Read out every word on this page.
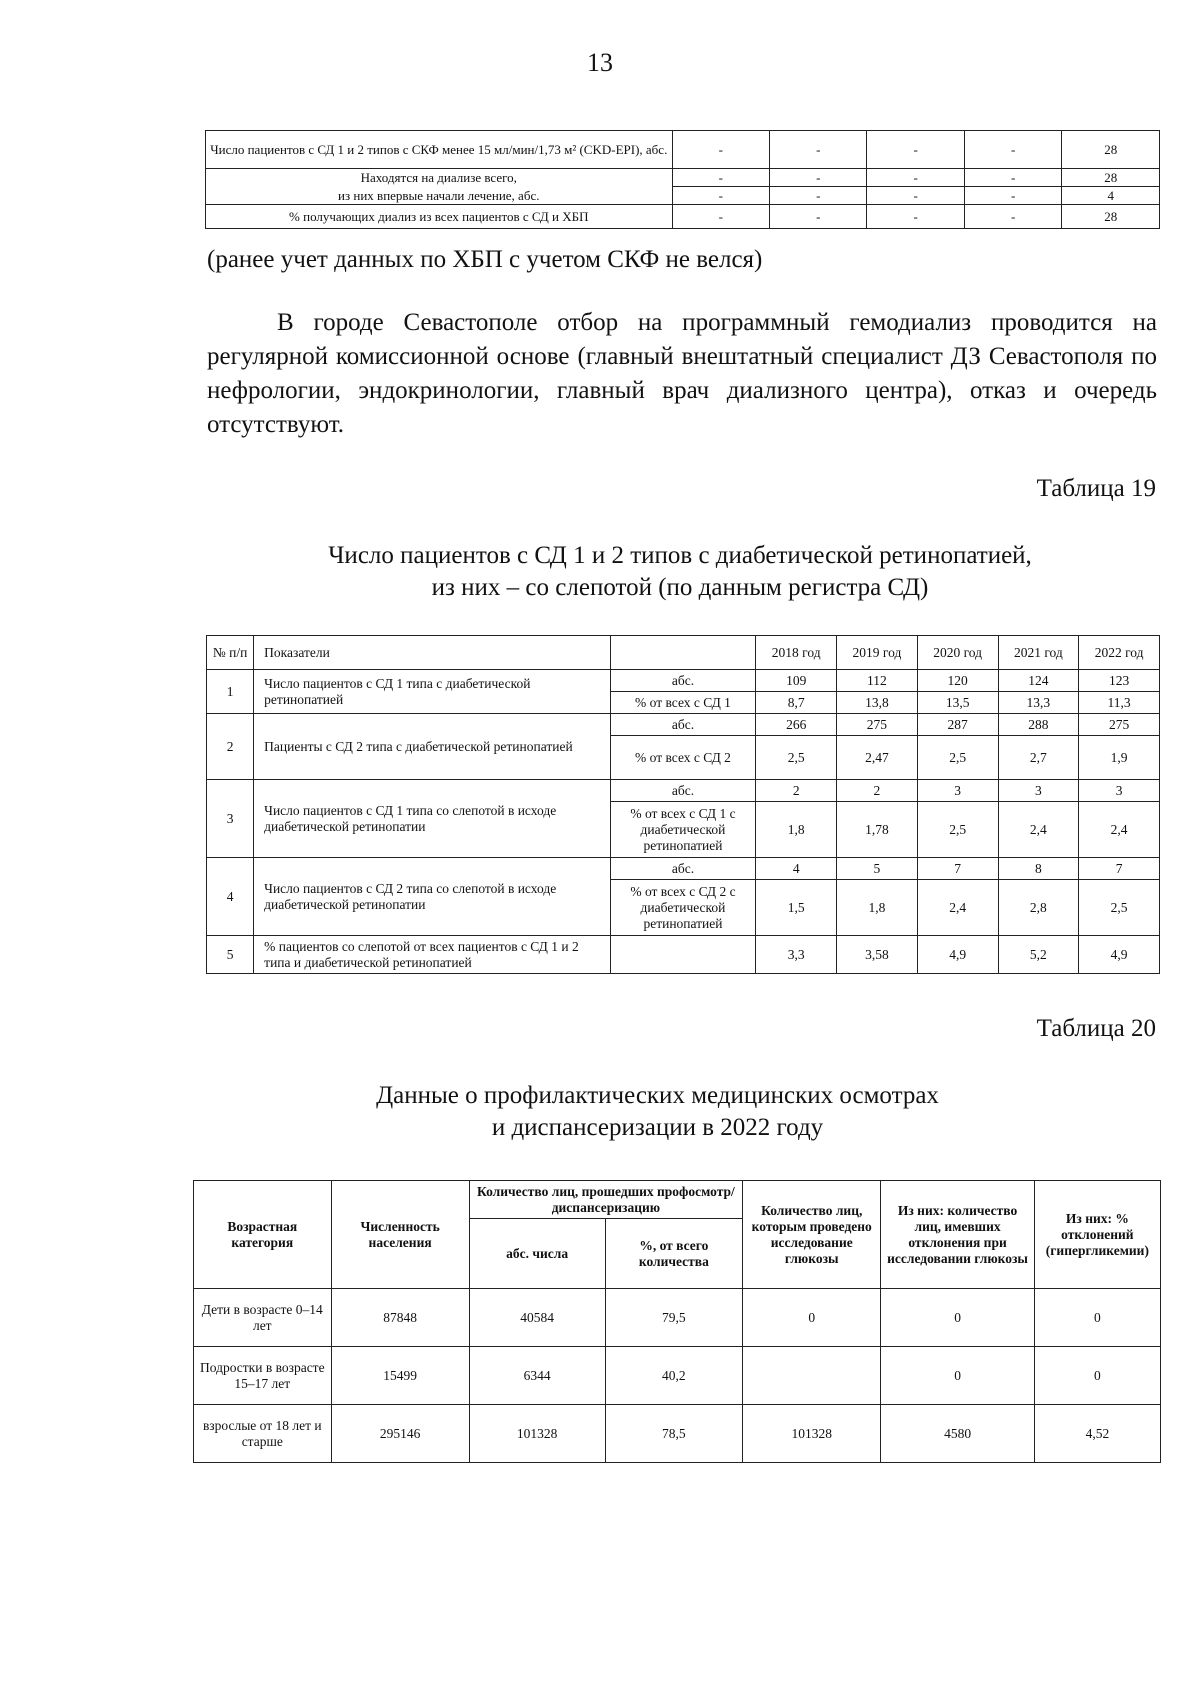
13
Число пациентов с СД 1 и 2 типов с СКФ менее 15 мл/мин/1,73 м² (CKD-EPI), абс.	-	-	-	-	28
Находятся на диализе всего,	-	-	-	-	28
из них впервые начали лечение, абс.	-	-	-	-	4
% получающих диализ из всех пациентов с СД и ХБП	-	-	-	-	28
(ранее учет данных по ХБП с учетом СКФ не велся)
В городе Севастополе отбор на программный гемодиализ проводится на регулярной комиссионной основе (главный внештатный специалист ДЗ Севастополя по нефрологии, эндокринологии, главный врач диализного центра), отказ и очередь отсутствуют.
Таблица 19
Число пациентов с СД 1 и 2 типов с диабетической ретинопатией,
из них – со слепотой (по данным регистра СД)
№ п/п	Показатели		2018 год	2019 год	2020 год	2021 год	2022 год
1	Число пациентов с СД 1 типа с диабетической ретинопатией	абс.	109	112	120	124	123
		% от всех с СД 1	8,7	13,8	13,5	13,3	11,3
2	Пациенты с СД 2 типа с диабетической ретинопатией	абс.	266	275	287	288	275
		% от всех с СД 2	2,5	2,47	2,5	2,7	1,9
3	Число пациентов с СД 1 типа со слепотой в исходе диабетической ретинопатии	абс.	2	2	3	3	3
		% от всех с СД 1 с диабетической ретинопатией	1,8	1,78	2,5	2,4	2,4
4	Число пациентов с СД 2 типа со слепотой в исходе диабетической ретинопатии	абс.	4	5	7	8	7
		% от всех с СД 2 с диабетической ретинопатией	1,5	1,8	2,4	2,8	2,5
5	% пациентов со слепотой от всех пациентов с СД 1 и 2 типа и диабетической ретинопатией		3,3	3,58	4,9	5,2	4,9
Таблица 20
Данные о профилактических медицинских осмотрах
и диспансеризации в 2022 году
Возрастная категория	Численность населения	Количество лиц, прошедших профосмотр/диспансеризацию		Количество лиц, которым проведено исследование глюкозы	Из них: количество лиц, имевших отклонения при исследовании глюкозы	Из них: % отклонений (гипергликемии)
		абс. числа	%, от всего количества			
Дети в возрасте 0–14 лет	87848	40584	79,5	0	0	0
Подростки в возрасте 15–17 лет	15499	6344	40,2		0	0
взрослые от 18 лет и старше	295146	101328	78,5	101328	4580	4,52
